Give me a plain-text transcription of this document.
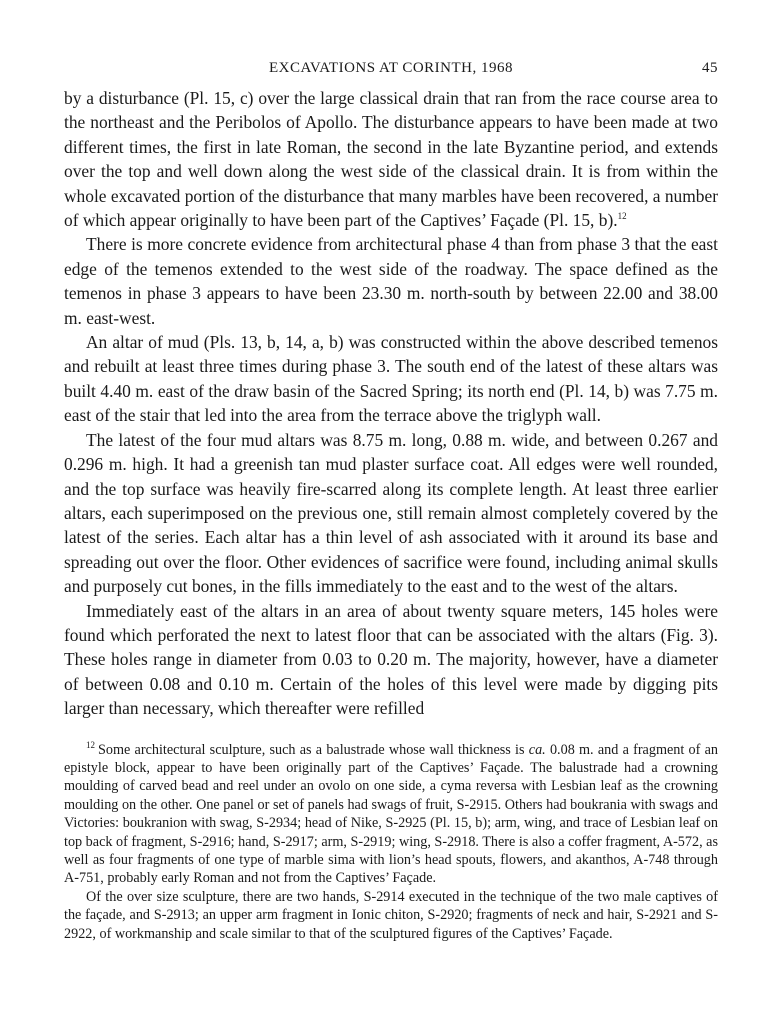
EXCAVATIONS AT CORINTH, 1968	45

by a disturbance (Pl. 15, c) over the large classical drain that ran from the race course area to the northeast and the Peribolos of Apollo. The disturbance appears to have been made at two different times, the first in late Roman, the second in the late Byzantine period, and extends over the top and well down along the west side of the classical drain. It is from within the whole excavated portion of the disturbance that many marbles have been recovered, a number of which appear originally to have been part of the Captives’ Façade (Pl. 15, b).$^{12}$

There is more concrete evidence from architectural phase 4 than from phase 3 that the east edge of the temenos extended to the west side of the roadway. The space defined as the temenos in phase 3 appears to have been 23.30 m. north-south by between 22.00 and 38.00 m. east-west.

An altar of mud (Pls. 13, b, 14, a, b) was constructed within the above described temenos and rebuilt at least three times during phase 3. The south end of the latest of these altars was built 4.40 m. east of the draw basin of the Sacred Spring; its north end (Pl. 14, b) was 7.75 m. east of the stair that led into the area from the terrace above the triglyph wall.

The latest of the four mud altars was 8.75 m. long, 0.88 m. wide, and between 0.267 and 0.296 m. high. It had a greenish tan mud plaster surface coat. All edges were well rounded, and the top surface was heavily fire-scarred along its complete length. At least three earlier altars, each superimposed on the previous one, still remain almost completely covered by the latest of the series. Each altar has a thin level of ash associated with it around its base and spreading out over the floor. Other evidences of sacrifice were found, including animal skulls and purposely cut bones, in the fills immediately to the east and to the west of the altars.

Immediately east of the altars in an area of about twenty square meters, 145 holes were found which perforated the next to latest floor that can be associated with the altars (Fig. 3). These holes range in diameter from 0.03 to 0.20 m. The majority, however, have a diameter of between 0.08 and 0.10 m. Certain of the holes of this level were made by digging pits larger than necessary, which thereafter were refilled

$^{12}$ Some architectural sculpture, such as a balustrade whose wall thickness is ca. 0.08 m. and a fragment of an epistyle block, appear to have been originally part of the Captives’ Façade. The balustrade had a crowning moulding of carved bead and reel under an ovolo on one side, a cyma reversa with Lesbian leaf as the crowning moulding on the other. One panel or set of panels had swags of fruit, S-2915. Others had boukrania with swags and Victories: boukranion with swag, S-2934; head of Nike, S-2925 (Pl. 15, b); arm, wing, and trace of Lesbian leaf on top back of fragment, S-2916; hand, S-2917; arm, S-2919; wing, S-2918. There is also a coffer fragment, A-572, as well as four fragments of one type of marble sima with lion’s head spouts, flowers, and akanthos, A-748 through A-751, probably early Roman and not from the Captives’ Façade.

Of the over size sculpture, there are two hands, S-2914 executed in the technique of the two male captives of the façade, and S-2913; an upper arm fragment in Ionic chiton, S-2920; fragments of neck and hair, S-2921 and S-2922, of workmanship and scale similar to that of the sculptured figures of the Captives’ Façade.
